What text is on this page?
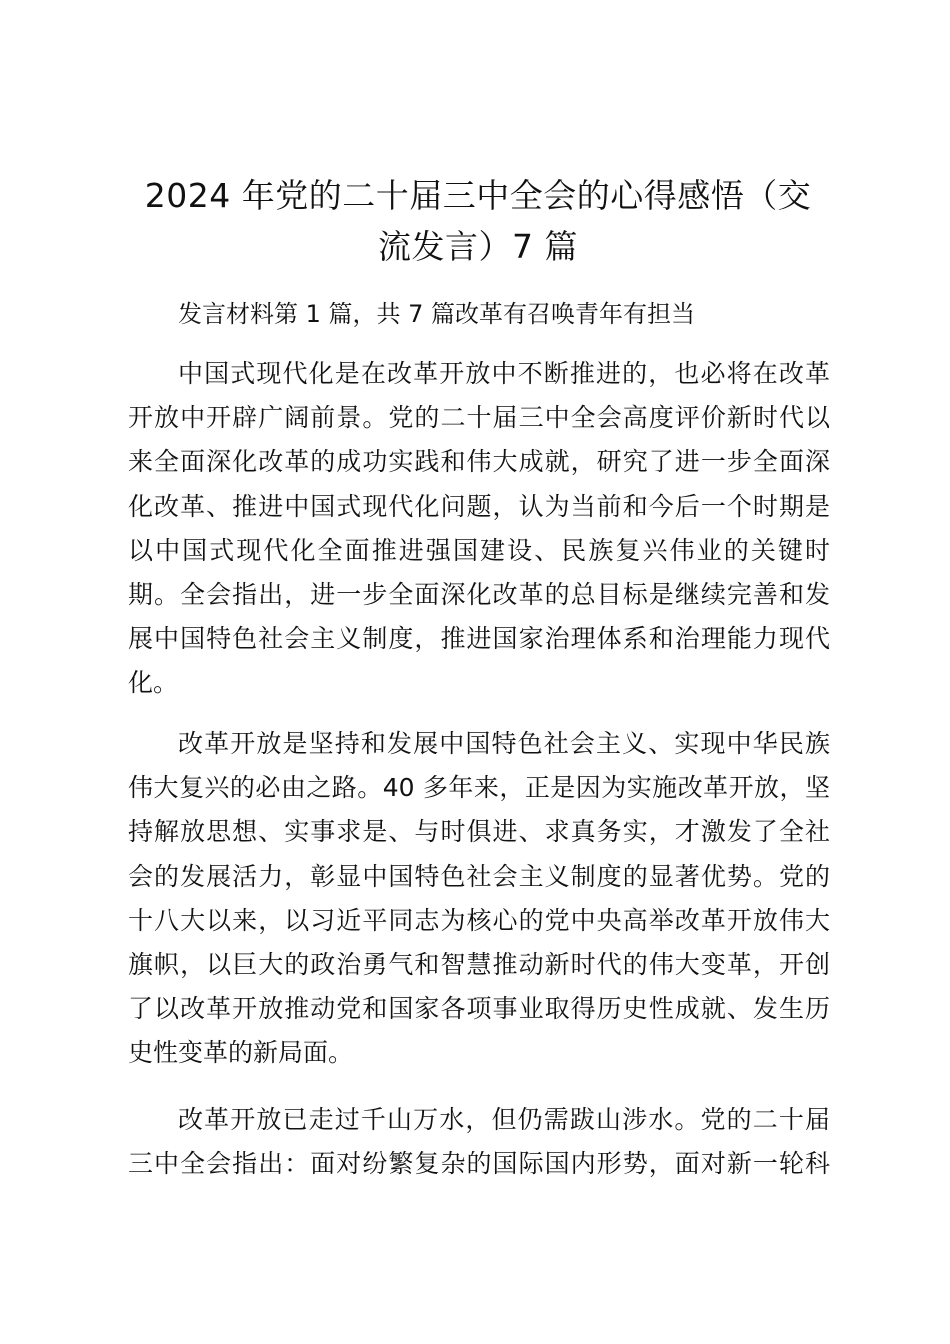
2024 年党的二十届三中全会的心得感悟（交
流发言）7 篇

发言材料第 1 篇，共 7 篇改革有召唤青年有担当

中国式现代化是在改革开放中不断推进的，也必将在改革
开放中开辟广阔前景。党的二十届三中全会高度评价新时代以
来全面深化改革的成功实践和伟大成就，研究了进一步全面深
化改革、推进中国式现代化问题，认为当前和今后一个时期是
以中国式现代化全面推进强国建设、民族复兴伟业的关键时
期。全会指出，进一步全面深化改革的总目标是继续完善和发
展中国特色社会主义制度，推进国家治理体系和治理能力现代
化。

改革开放是坚持和发展中国特色社会主义、实现中华民族
伟大复兴的必由之路。40 多年来，正是因为实施改革开放，坚
持解放思想、实事求是、与时俱进、求真务实，才激发了全社
会的发展活力，彰显中国特色社会主义制度的显著优势。党的
十八大以来，以习近平同志为核心的党中央高举改革开放伟大
旗帜，以巨大的政治勇气和智慧推动新时代的伟大变革，开创
了以改革开放推动党和国家各项事业取得历史性成就、发生历
史性变革的新局面。

改革开放已走过千山万水，但仍需跋山涉水。党的二十届
三中全会指出：面对纷繁复杂的国际国内形势，面对新一轮科
